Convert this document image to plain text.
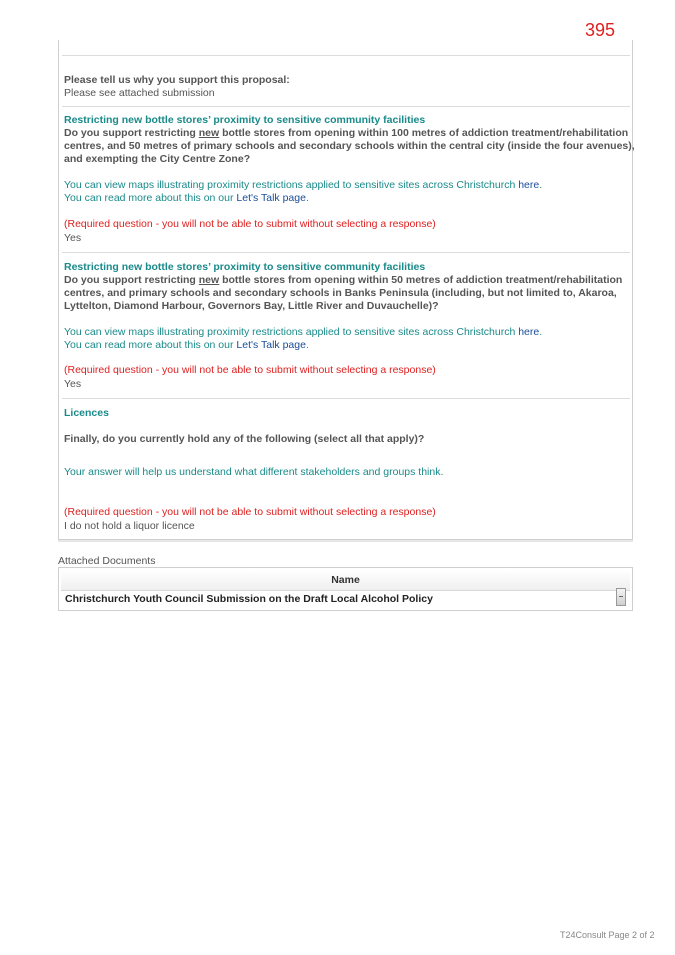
395
Please tell us why you support this proposal:
Please see attached submission
Restricting new bottle stores’ proximity to sensitive community facilities
Do you support restricting new bottle stores from opening within 100 metres of addiction treatment/rehabilitation
centres, and 50 metres of primary schools and secondary schools within the central city (inside the four avenues),
and exempting the City Centre Zone?
You can view maps illustrating proximity restrictions applied to sensitive sites across Christchurch here.
You can read more about this on our Let's Talk page.
(Required question - you will not be able to submit without selecting a response)
Yes
Restricting new bottle stores’ proximity to sensitive community facilities
Do you support restricting new bottle stores from opening within 50 metres of addiction treatment/rehabilitation
centres, and primary schools and secondary schools in Banks Peninsula (including, but not limited to, Akaroa,
Lyttelton, Diamond Harbour, Governors Bay, Little River and Duvauchelle)?
You can view maps illustrating proximity restrictions applied to sensitive sites across Christchurch here.
You can read more about this on our Let's Talk page.
(Required question - you will not be able to submit without selecting a response)
Yes
Licences
Finally, do you currently hold any of the following (select all that apply)?
Your answer will help us understand what different stakeholders and groups think.
(Required question - you will not be able to submit without selecting a response)
I do not hold a liquor licence
Attached Documents
Name
Christchurch Youth Council Submission on the Draft Local Alcohol Policy
T24Consult Page 2 of 2
